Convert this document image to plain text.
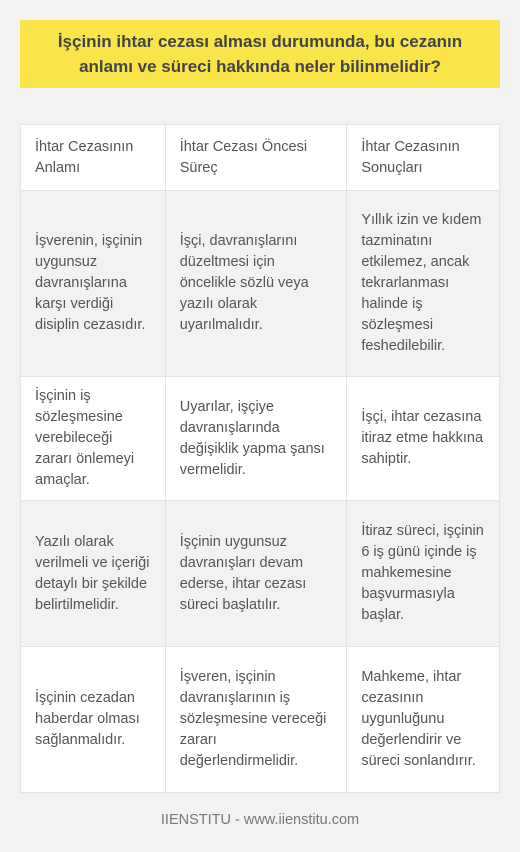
İşçinin ihtar cezası alması durumunda, bu cezanın anlamı ve süreci hakkında neler bilinmelidir?
İhtar Cezasının Anlamı	İhtar Cezası Öncesi Süreç	İhtar Cezasının Sonuçları
İşverenin, işçinin uygunsuz davranışlarına karşı verdiği disiplin cezasıdır.	İşçi, davranışlarını düzeltmesi için öncelikle sözlü veya yazılı olarak uyarılmalıdır.	Yıllık izin ve kıdem tazminatını etkilemez, ancak tekrarlanması halinde iş sözleşmesi feshedilebilir.
İşçinin iş sözleşmesine verebileceği zararı önlemeyi amaçlar.	Uyarılar, işçiye davranışlarında değişiklik yapma şansı vermelidir.	İşçi, ihtar cezasına itiraz etme hakkına sahiptir.
Yazılı olarak verilmeli ve içeriği detaylı bir şekilde belirtilmelidir.	İşçinin uygunsuz davranışları devam ederse, ihtar cezası süreci başlatılır.	İtiraz süreci, işçinin 6 iş günü içinde iş mahkemesine başvurmasıyla başlar.
İşçinin cezadan haberdar olması sağlanmalıdır.	İşveren, işçinin davranışlarının iş sözleşmesine vereceği zararı değerlendirmelidir.	Mahkeme, ihtar cezasının uygunluğunu değerlendirir ve süreci sonlandırır.
IIENSTITU - www.iienstitu.com
